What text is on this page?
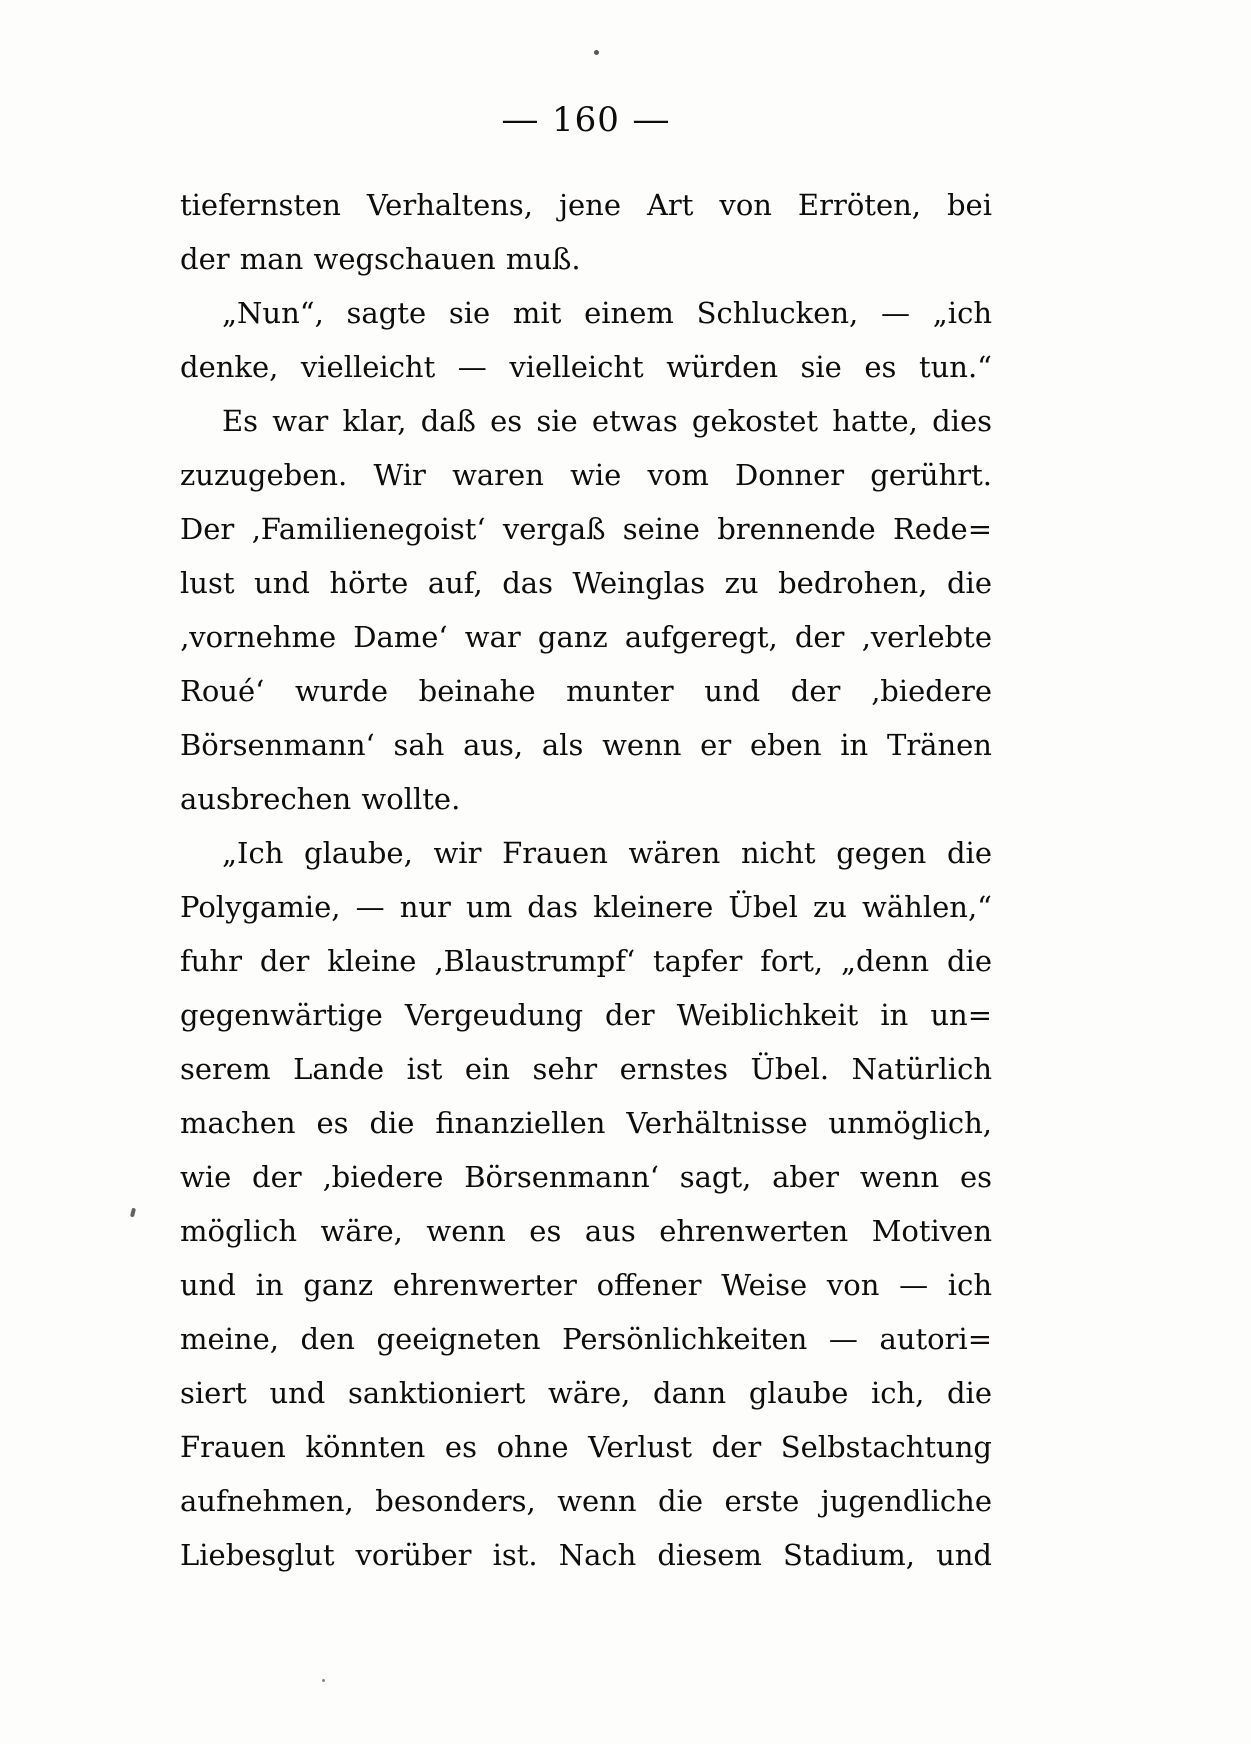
— 160 —
tiefernsten Verhaltens, jene Art von Erröten, bei
der man wegschauen muß.
„Nun“, sagte sie mit einem Schlucken, — „ich
denke, vielleicht — vielleicht würden sie es tun.“
Es war klar, daß es sie etwas gekostet hatte, dies
zuzugeben. Wir waren wie vom Donner gerührt.
Der ‚Familienegoist‘ vergaß seine brennende Rede=
lust und hörte auf, das Weinglas zu bedrohen, die
‚vornehme Dame‘ war ganz aufgeregt, der ‚verlebte
Roué‘ wurde beinahe munter und der ‚biedere
Börsenmann‘ sah aus, als wenn er eben in Tränen
ausbrechen wollte.
„Ich glaube, wir Frauen wären nicht gegen die
Polygamie, — nur um das kleinere Übel zu wählen,“
fuhr der kleine ‚Blaustrumpf‘ tapfer fort, „denn die
gegenwärtige Vergeudung der Weiblichkeit in un=
serem Lande ist ein sehr ernstes Übel. Natürlich
machen es die finanziellen Verhältnisse unmöglich,
wie der ‚biedere Börsenmann‘ sagt, aber wenn es
möglich wäre, wenn es aus ehrenwerten Motiven
und in ganz ehrenwerter offener Weise von — ich
meine, den geeigneten Persönlichkeiten — autori=
siert und sanktioniert wäre, dann glaube ich, die
Frauen könnten es ohne Verlust der Selbstachtung
aufnehmen, besonders, wenn die erste jugendliche
Liebesglut vorüber ist. Nach diesem Stadium, und
